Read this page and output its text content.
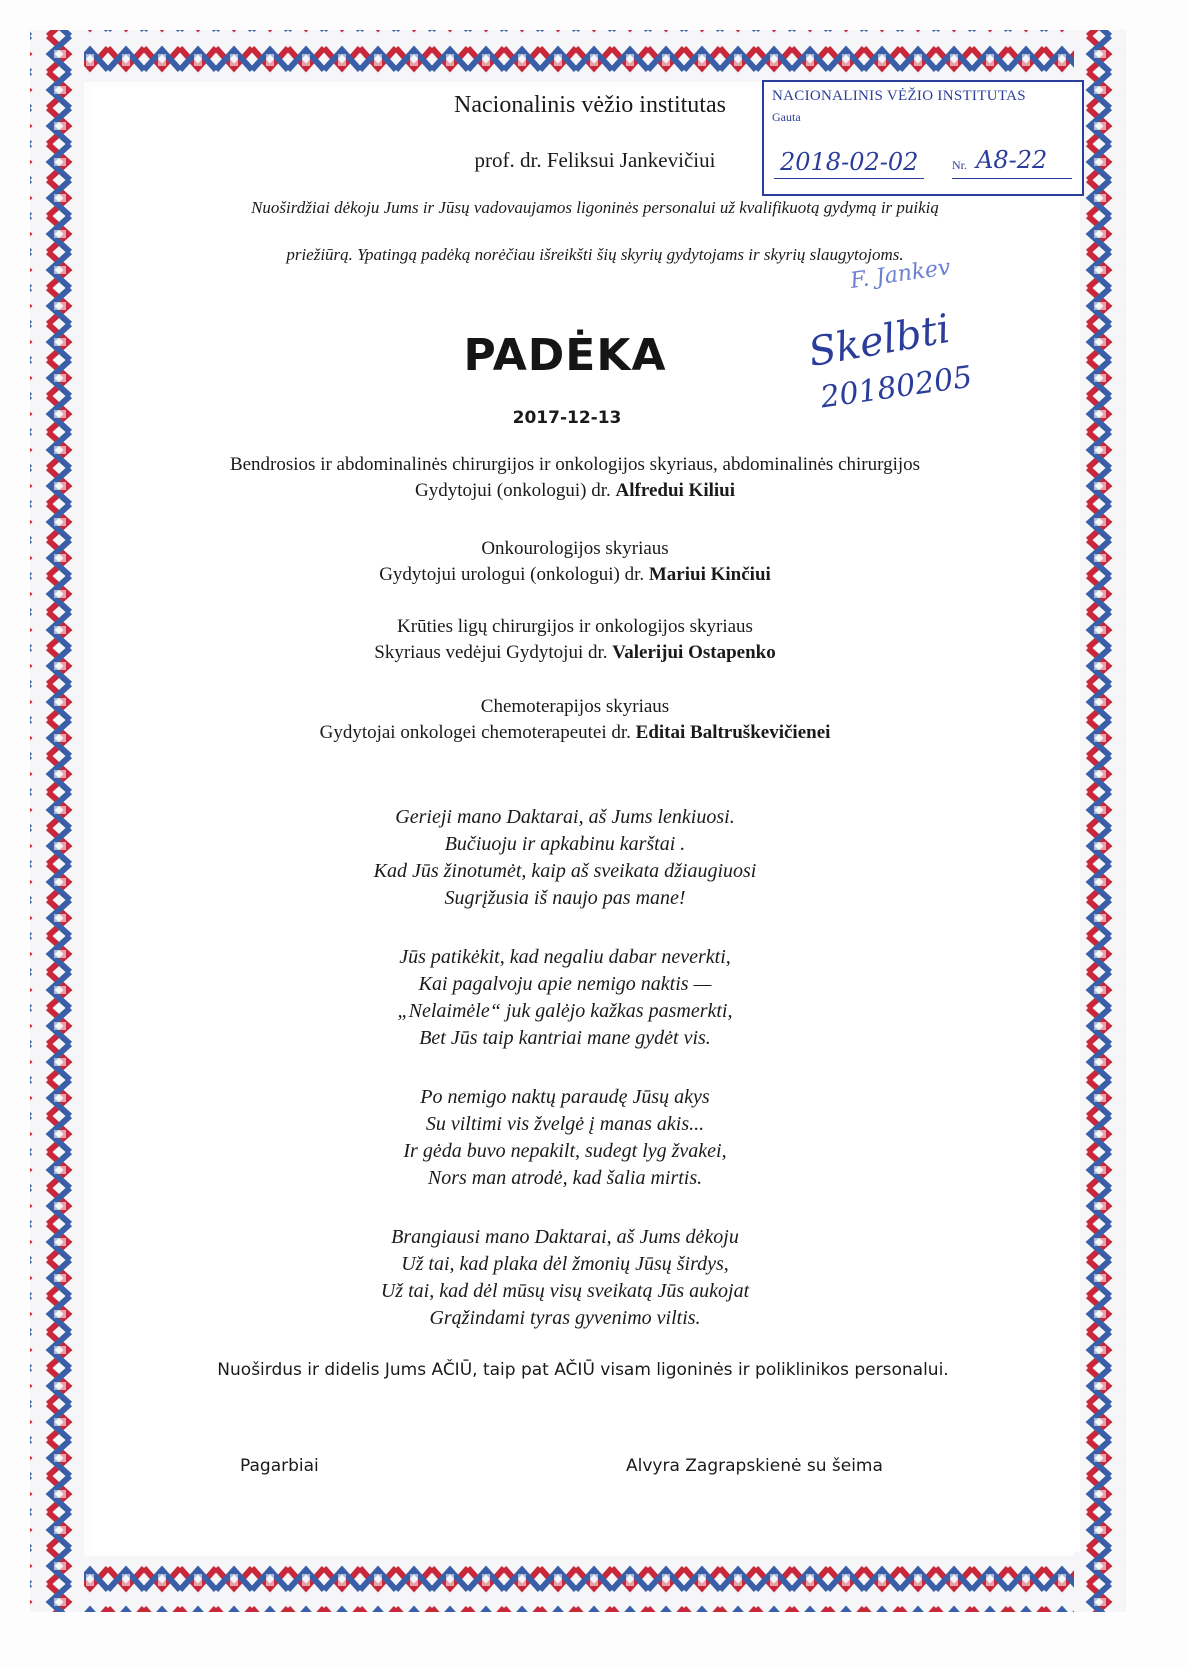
Nacionalinis vėžio institutas
prof. dr. Feliksui Jankevičiui
Nuoširdžiai dėkoju Jums ir Jūsų vadovaujamos ligoninės personalui už kvalifikuotą gydymą ir puikią
priežiūrą. Ypatingą padėką norėčiau išreikšti šių skyrių gydytojams ir skyrių slaugytojoms.
NACIONALINIS VĖŽIO INSTITUTAS
Gauta
2018-02-02	Nr. A8-22
F. Jankev
Skelbti
20180205
PADĖKA
2017-12-13
Bendrosios ir abdominalinės chirurgijos ir onkologijos skyriaus, abdominalinės chirurgijos
Gydytojui (onkologui) dr. Alfredui Kiliui
Onkourologijos skyriaus
Gydytojui urologui (onkologui) dr. Mariui Kinčiui
Krūties ligų chirurgijos ir onkologijos skyriaus
Skyriaus vedėjui Gydytojui dr. Valerijui Ostapenko
Chemoterapijos skyriaus
Gydytojai onkologei chemoterapeutei dr. Editai Baltruškevičienei
Gerieji mano Daktarai, aš Jums lenkiuosi.
Bučiuoju ir apkabinu karštai .
Kad Jūs žinotumėt, kaip aš sveikata džiaugiuosi
Sugrįžusia iš naujo pas mane!
Jūs patikėkit, kad negaliu dabar neverkti,
Kai pagalvoju apie nemigo naktis —
„Nelaimėle“ juk galėjo kažkas pasmerkti,
Bet Jūs taip kantriai mane gydėt vis.
Po nemigo naktų paraudę Jūsų akys
Su viltimi vis žvelgė į manas akis...
Ir gėda buvo nepakilt, sudegt lyg žvakei,
Nors man atrodė, kad šalia mirtis.
Brangiausi mano Daktarai, aš Jums dėkoju
Už tai, kad plaka dėl žmonių Jūsų širdys,
Už tai, kad dėl mūsų visų sveikatą Jūs aukojat
Grąžindami tyras gyvenimo viltis.
Nuoširdus ir didelis Jums AČIŪ, taip pat AČIŪ visam ligoninės ir poliklinikos personalui.
Pagarbiai	Alvyra Zagrapskienė su šeima
